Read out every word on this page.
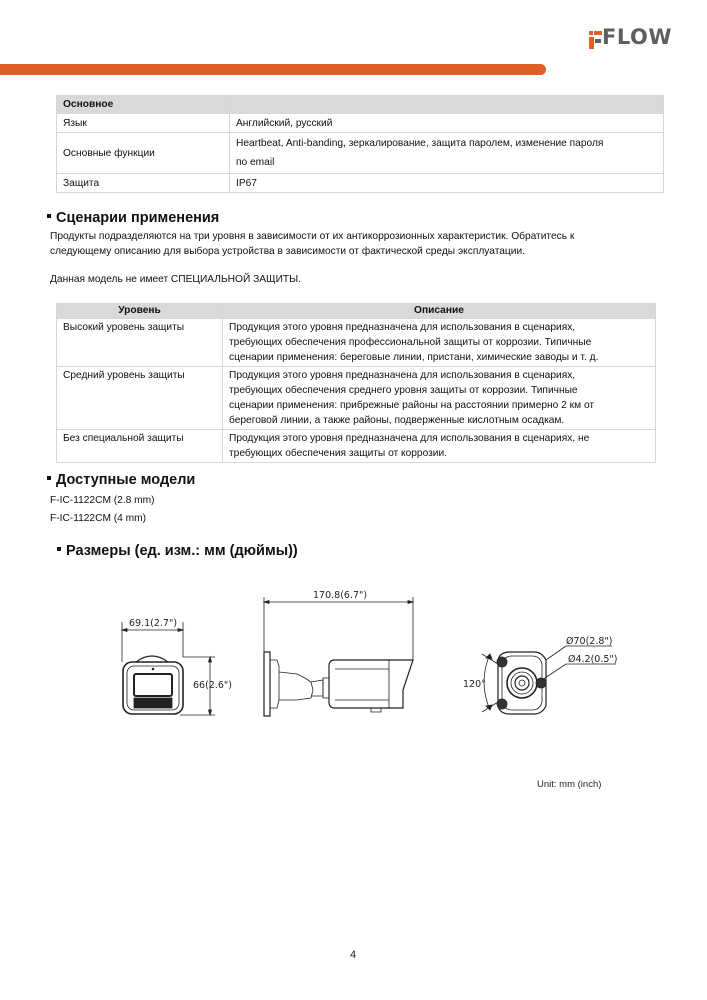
FLOW
Основное	
Язык	Английский, русский
Основные функции	Heartbeat, Anti-banding, зеркалирование, защита паролем, изменение пароля
по email

Защита	IP67
Сценарии применения
Продукты подразделяются на три уровня в зависимости от их антикоррозионных характеристик. Обратитесь к
следующему описанию для выбора устройства в зависимости от фактической среды эксплуатации.
Данная модель не имеет СПЕЦИАЛЬНОЙ ЗАЩИТЫ.
Уровень	Описание
Высокий уровень защиты	Продукция этого уровня предназначена для использования в сценариях,
требующих обеспечения профессиональной защиты от коррозии. Типичные
сценарии применения: береговые линии, пристани, химические заводы и т. д.

Средний уровень защиты	Продукция этого уровня предназначена для использования в сценариях,
требующих обеспечения среднего уровня защиты от коррозии. Типичные
сценарии применения: прибрежные районы на расстоянии примерно 2 км от
береговой линии, а также районы, подверженные кислотным осадкам.

Без специальной защиты	Продукция этого уровня предназначена для использования в сценариях, не
требующих обеспечения защиты от коррозии.
Доступные модели
F-IC-1122CM (2.8 mm)
F-IC-1122CM (4 mm)
Размеры (ед. изм.: мм (дюймы))
69.1(2.7")
66(2.6")
170.8(6.7")
120°
Ø70(2.8")
Ø4.2(0.5")
Unit: mm (inch)
4
